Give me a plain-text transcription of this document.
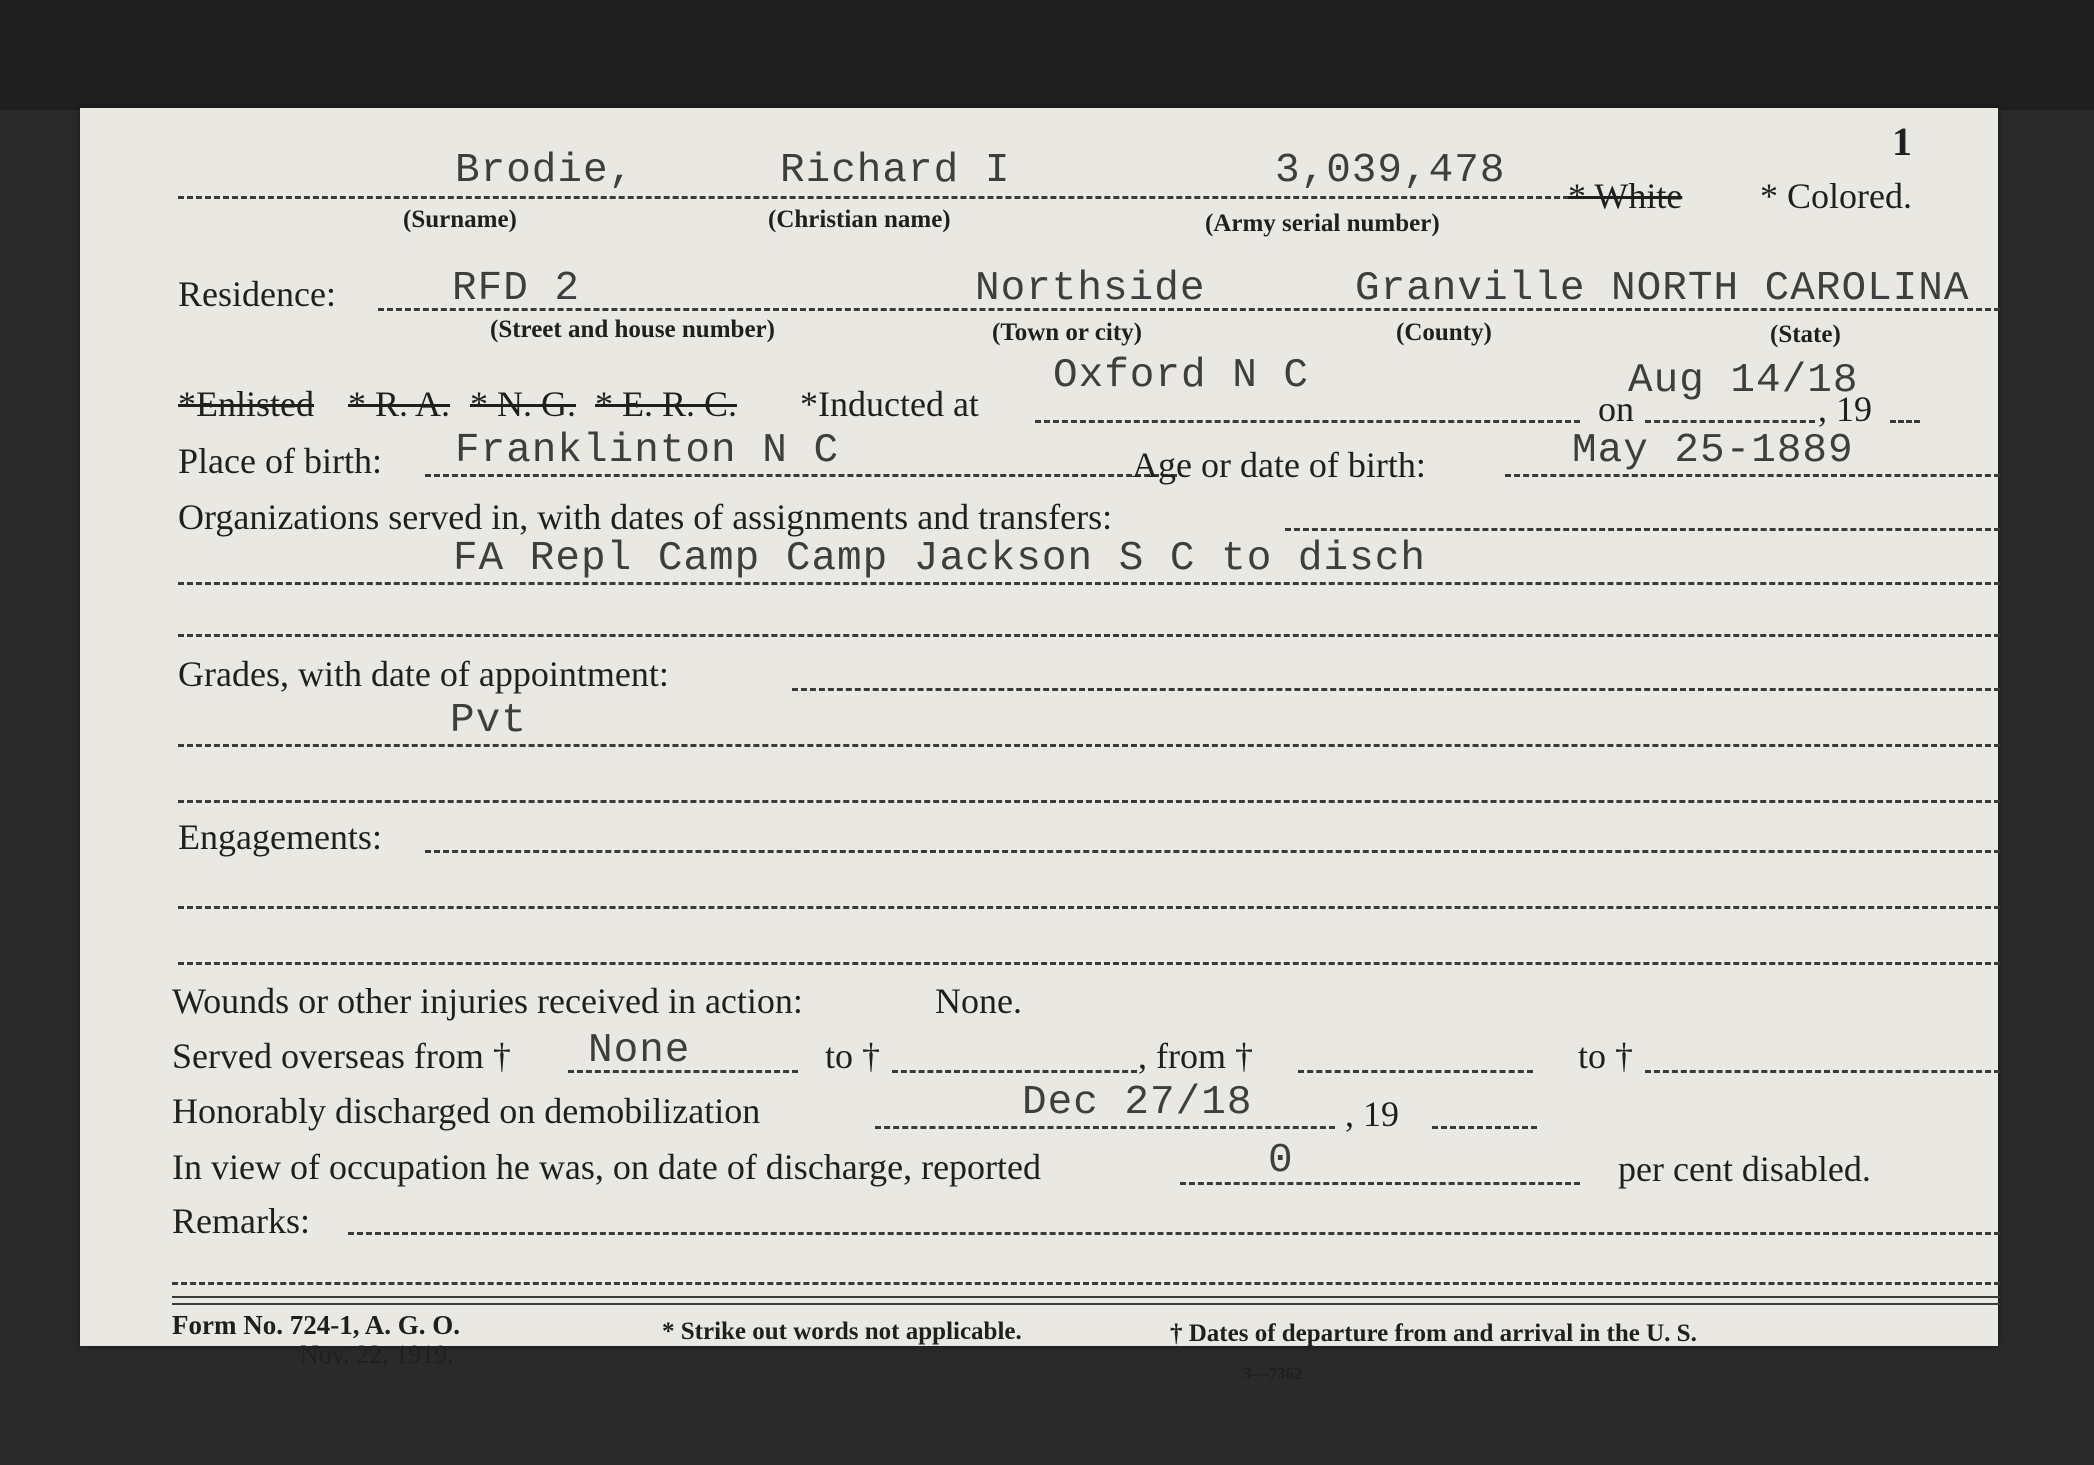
1
Brodie,	Richard I	3,039,478
* White * Colored.
(Surname)	(Christian name)	(Army serial number)
Residence:	RFD 2	Northside	Granville NORTH CAROLINA
(Street and house number)	(Town or city)	(County)	(State)
*Enlisted * R. A. * N. G. * E. R. C. *Inducted at
Oxford N C
on
Aug 14/18
, 19
Place of birth: Franklinton N C	Age or date of birth:	May 25-1889
Organizations served in, with dates of assignments and transfers:
FA Repl Camp Camp Jackson S C to disch
Grades, with date of appointment:
Pvt
Engagements:
Wounds or other injuries received in action:	None.
Served overseas from † None	to †	, from †	to †
Honorably discharged on demobilization	Dec 27/18	, 19
In view of occupation he was, on date of discharge, reported	0	per cent disabled.
Remarks:
Form No. 724-1, A. G. O.
Nov. 22, 1919.
* Strike out words not applicable.	† Dates of departure from and arrival in the U. S.
3—7362
